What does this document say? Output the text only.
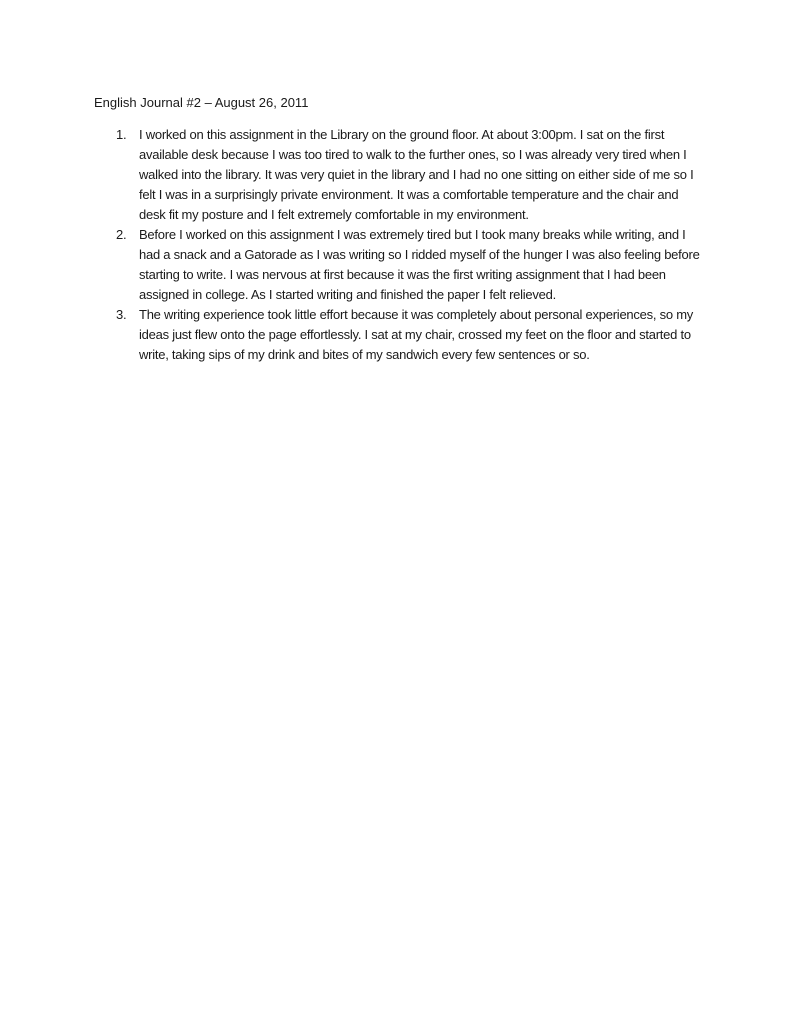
English Journal #2 – August 26, 2011

1. I worked on this assignment in the Library on the ground floor. At about 3:00pm. I sat on the first available desk because I was too tired to walk to the further ones, so I was already very tired when I walked into the library. It was very quiet in the library and I had no one sitting on either side of me so I felt I was in a surprisingly private environment. It was a comfortable temperature and the chair and desk fit my posture and I felt extremely comfortable in my environment.
2. Before I worked on this assignment I was extremely tired but I took many breaks while writing, and I had a snack and a Gatorade as I was writing so I ridded myself of the hunger I was also feeling before starting to write. I was nervous at first because it was the first writing assignment that I had been assigned in college. As I started writing and finished the paper I felt relieved.
3. The writing experience took little effort because it was completely about personal experiences, so my ideas just flew onto the page effortlessly. I sat at my chair, crossed my feet on the floor and started to write, taking sips of my drink and bites of my sandwich every few sentences or so.
